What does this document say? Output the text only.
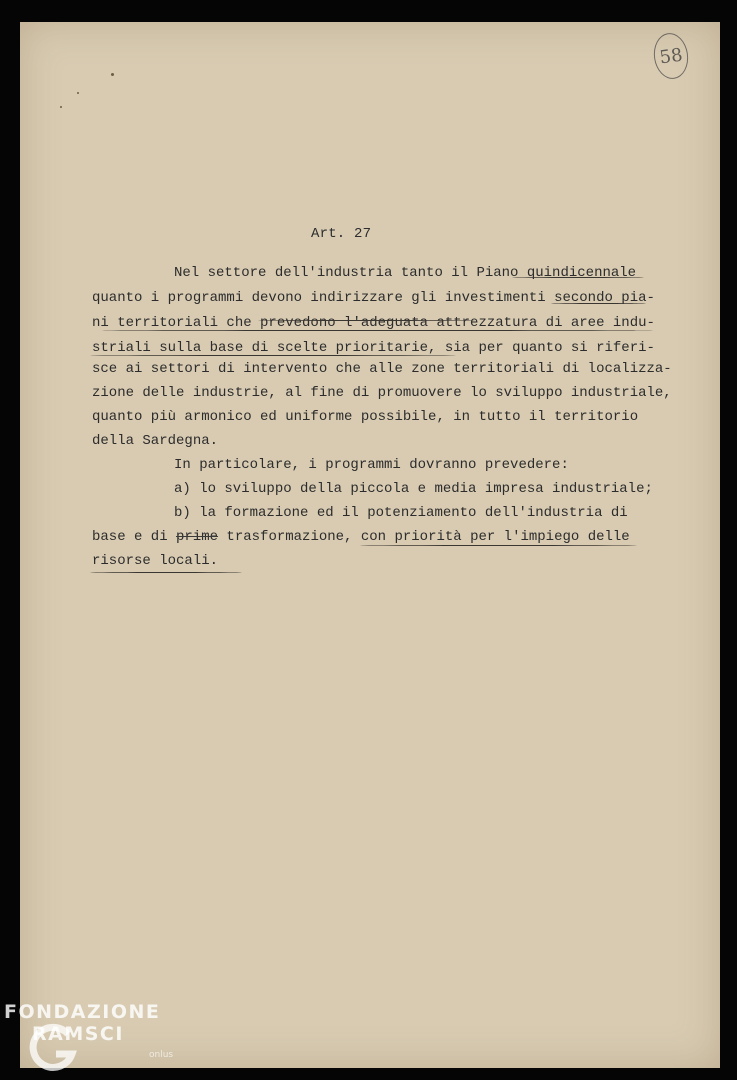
58
Art. 27

Nel settore dell'industria tanto il Piano quindicennale

quanto i programmi devono indirizzare gli investimenti secondo pia-

ni territoriali che prevedono l'adeguata attrezzatura di aree indu-

striali sulla base di scelte prioritarie, sia per quanto si riferi-

sce ai settori di intervento che alle zone territoriali di localizza-

zione delle industrie, al fine di promuovere lo sviluppo industriale,

quanto più armonico ed uniforme possibile, in tutto il territorio

della Sardegna.

In particolare, i programmi dovranno prevedere:

a) lo sviluppo della piccola e media impresa industriale;

b) la formazione ed il potenziamento dell'industria di

base e di prime trasformazione, con priorità per l'impiego delle

risorse locali.

FONDAZIONE
RAMSCI
onlus
